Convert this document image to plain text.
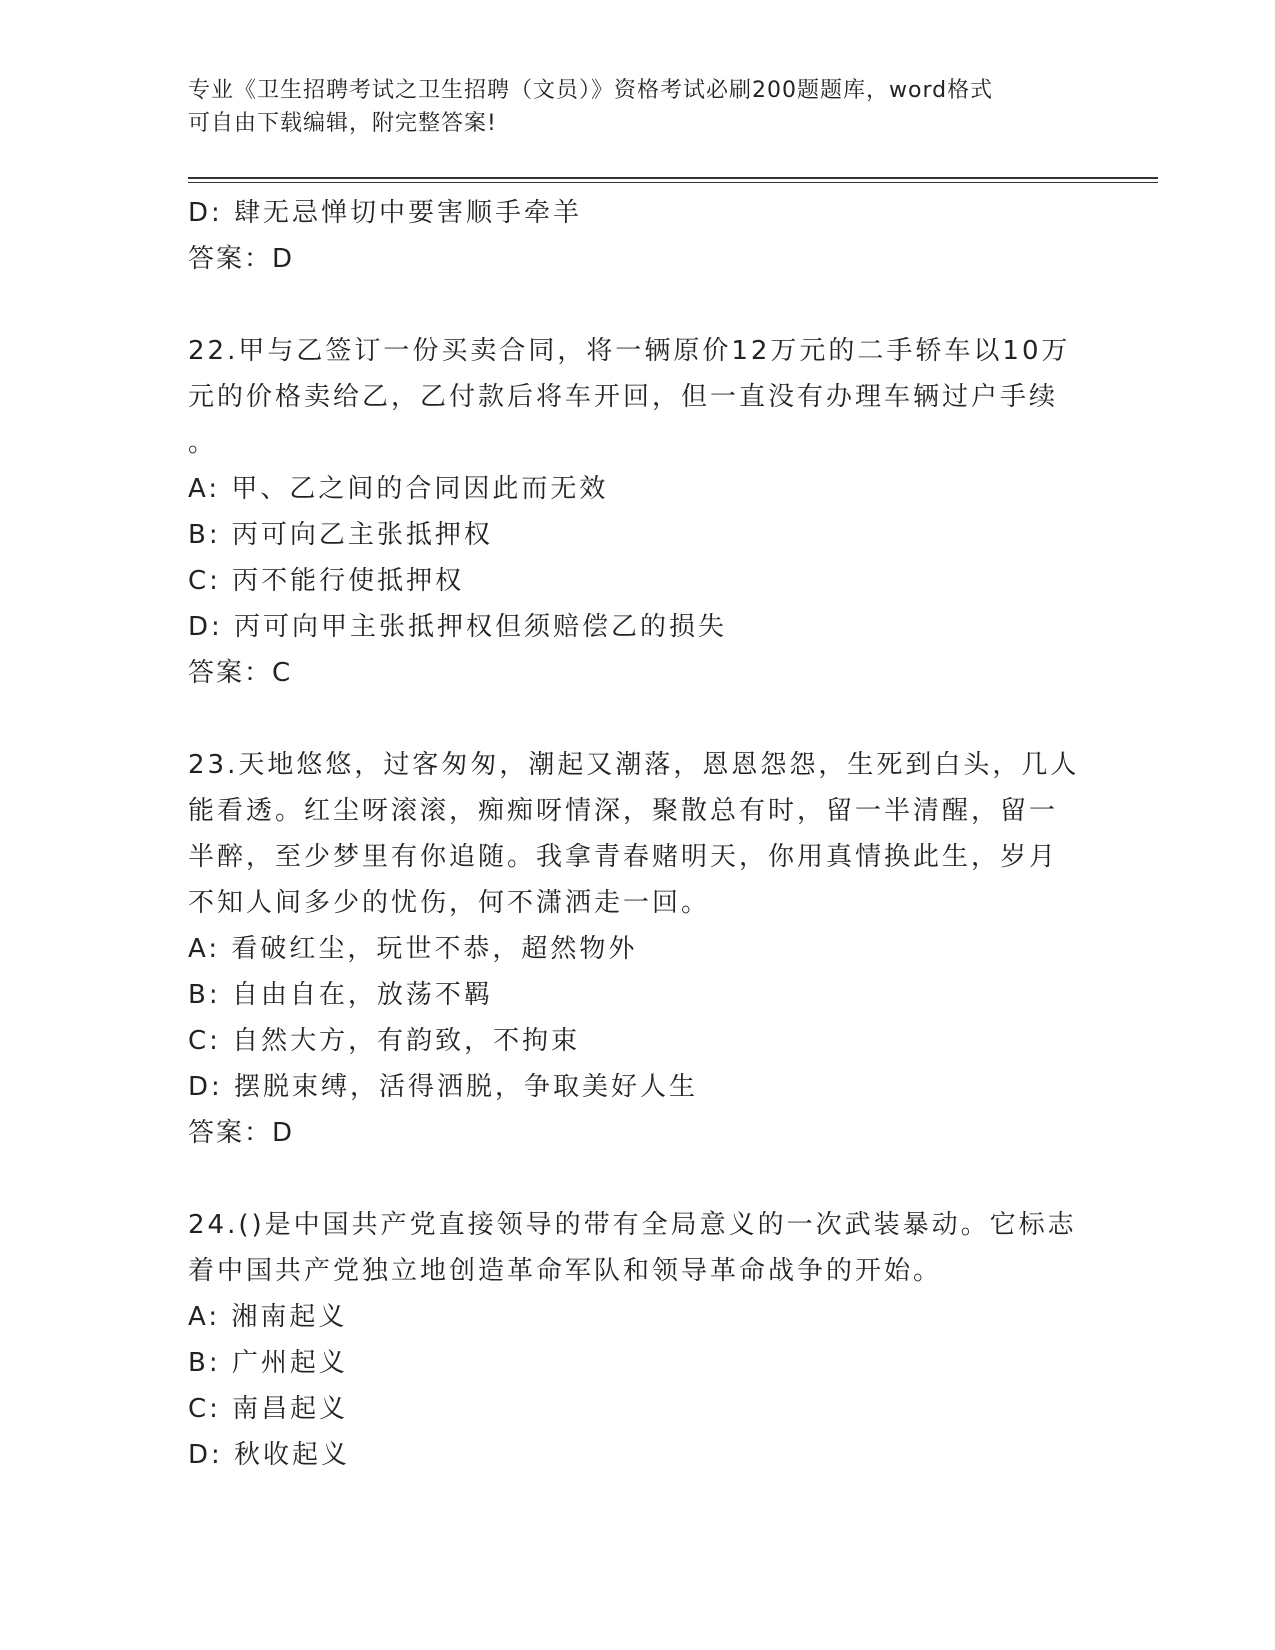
专业《卫生招聘考试之卫生招聘（文员）》资格考试必刷200题题库，word格式
可自由下载编辑，附完整答案!
D: 肆无忌惮切中要害顺手牵羊
答案：D
22.甲与乙签订一份买卖合同，将一辆原价12万元的二手轿车以10万
元的价格卖给乙，乙付款后将车开回，但一直没有办理车辆过户手续
。
A: 甲、乙之间的合同因此而无效
B: 丙可向乙主张抵押权
C: 丙不能行使抵押权
D: 丙可向甲主张抵押权但须赔偿乙的损失
答案：C
23.天地悠悠，过客匆匆，潮起又潮落，恩恩怨怨，生死到白头，几人
能看透。红尘呀滚滚，痴痴呀情深，聚散总有时，留一半清醒，留一
半醉，至少梦里有你追随。我拿青春赌明天，你用真情换此生，岁月
不知人间多少的忧伤，何不潇洒走一回。
A: 看破红尘，玩世不恭，超然物外
B: 自由自在，放荡不羁
C: 自然大方，有韵致，不拘束
D: 摆脱束缚，活得洒脱，争取美好人生
答案：D
24.()是中国共产党直接领导的带有全局意义的一次武装暴动。它标志
着中国共产党独立地创造革命军队和领导革命战争的开始。
A: 湘南起义
B: 广州起义
C: 南昌起义
D: 秋收起义
